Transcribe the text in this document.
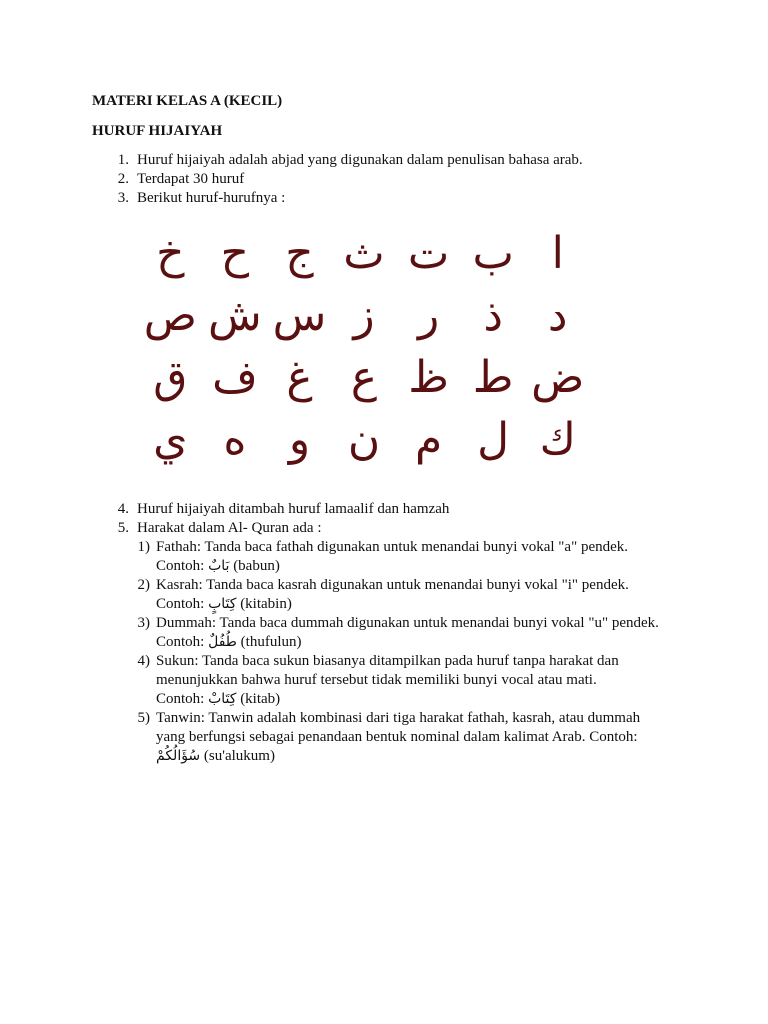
MATERI KELAS A (KECIL)
HURUF HIJAIYAH
1. Huruf hijaiyah adalah abjad yang digunakan dalam penulisan bahasa arab.
2. Terdapat 30 huruf
3. Berikut huruf-hurufnya :
ا
ب
ت
ث
ج
ح
خ
د
ذ
ر
ز
س
ش
ص
ض
ط
ظ
ع
غ
ف
ق
ك
ل
م
ن
و
ه
ي
4. Huruf hijaiyah ditambah huruf lamaalif dan hamzah
5. Harakat dalam Al- Quran ada :
1) Fathah: Tanda baca fathah digunakan untuk menandai bunyi vokal "a" pendek.
Contoh: بَابٌ (babun)
2) Kasrah: Tanda baca kasrah digunakan untuk menandai bunyi vokal "i" pendek.
Contoh: كِتَابٍ (kitabin)
3) Dummah: Tanda baca dummah digunakan untuk menandai bunyi vokal "u" pendek.
Contoh: طُفُلٌ (thufulun)
4) Sukun: Tanda baca sukun biasanya ditampilkan pada huruf tanpa harakat dan
menunjukkan bahwa huruf tersebut tidak memiliki bunyi vocal atau mati.
Contoh: كِتَابْ (kitab)
5) Tanwin: Tanwin adalah kombinasi dari tiga harakat fathah, kasrah, atau dummah
yang berfungsi sebagai penandaan bentuk nominal dalam kalimat Arab. Contoh:
سُؤَالُكُمْ (su'alukum)
